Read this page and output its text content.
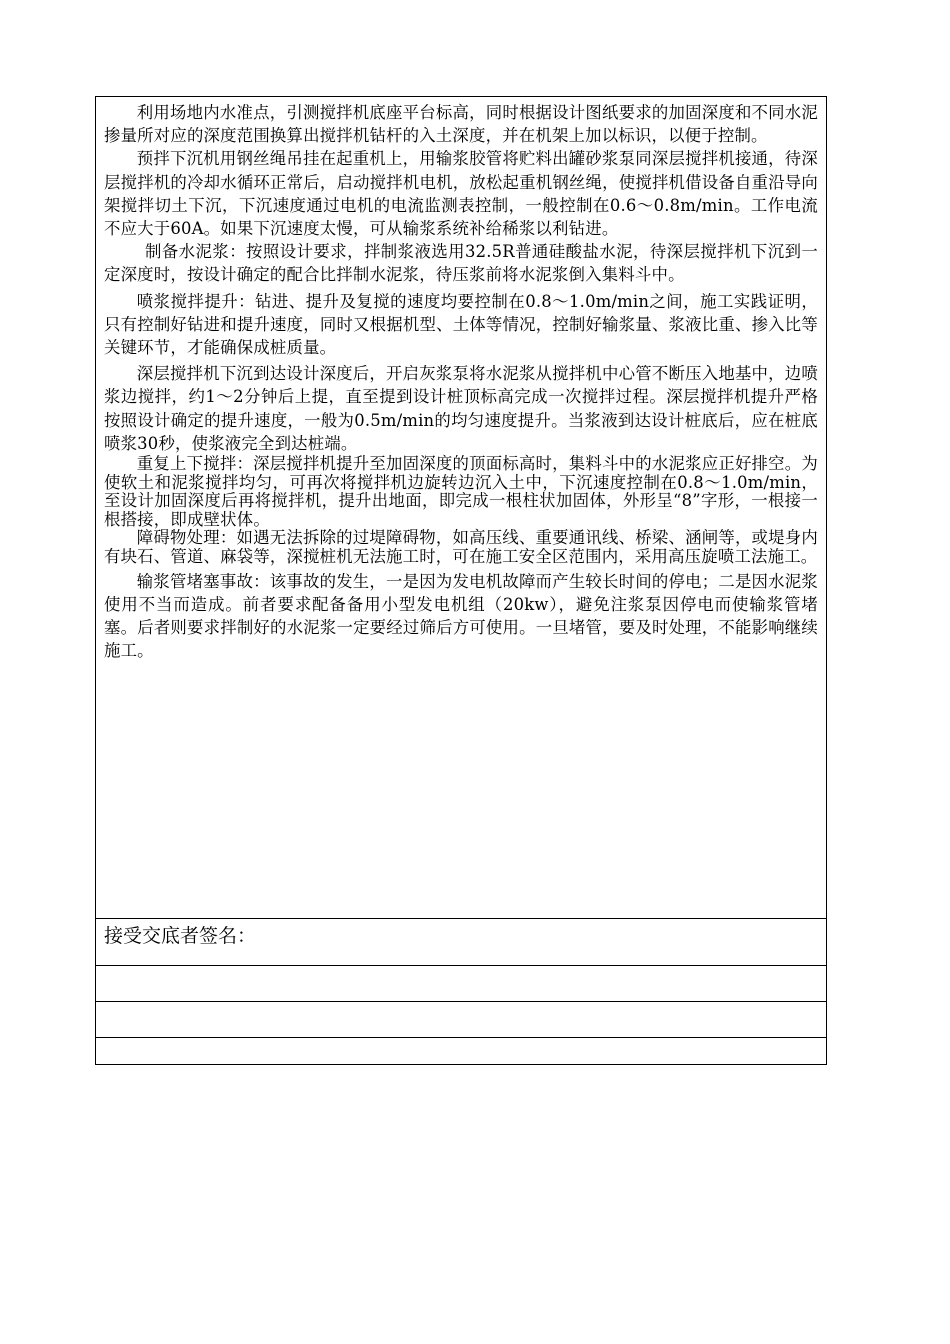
利用场地内水准点，引测搅拌机底座平台标高，同时根据设计图纸要求的加固深度和不同水泥掺量所对应的深度范围换算出搅拌机钻杆的入土深度，并在机架上加以标识，以便于控制。

预拌下沉机用钢丝绳吊挂在起重机上，用输浆胶管将贮料出罐砂浆泵同深层搅拌机接通，待深层搅拌机的冷却水循环正常后，启动搅拌机电机，放松起重机钢丝绳，使搅拌机借设备自重沿导向架搅拌切土下沉，下沉速度通过电机的电流监测表控制，一般控制在0.6～0.8m/min。工作电流不应大于60A。如果下沉速度太慢，可从输浆系统补给稀浆以利钻进。

制备水泥浆：按照设计要求，拌制浆液选用32.5R普通硅酸盐水泥，待深层搅拌机下沉到一定深度时，按设计确定的配合比拌制水泥浆，待压浆前将水泥浆倒入集料斗中。

喷浆搅拌提升：钻进、提升及复搅的速度均要控制在0.8～1.0m/min之间，施工实践证明，只有控制好钻进和提升速度，同时又根据机型、土体等情况，控制好输浆量、浆液比重、掺入比等关键环节，才能确保成桩质量。

深层搅拌机下沉到达设计深度后，开启灰浆泵将水泥浆从搅拌机中心管不断压入地基中，边喷浆边搅拌，约1～2分钟后上提，直至提到设计桩顶标高完成一次搅拌过程。深层搅拌机提升严格按照设计确定的提升速度，一般为0.5m/min的均匀速度提升。当浆液到达设计桩底后，应在桩底喷浆30秒，使浆液完全到达桩端。

重复上下搅拌：深层搅拌机提升至加固深度的顶面标高时，集料斗中的水泥浆应正好排空。为使软土和泥浆搅拌均匀，可再次将搅拌机边旋转边沉入土中，下沉速度控制在0.8～1.0m/min，至设计加固深度后再将搅拌机，提升出地面，即完成一根柱状加固体，外形呈“8”字形，一根接一根搭接，即成壁状体。

障碍物处理：如遇无法拆除的过堤障碍物，如高压线、重要通讯线、桥梁、涵闸等，或堤身内有块石、管道、麻袋等，深搅桩机无法施工时，可在施工安全区范围内，采用高压旋喷工法施工。

输浆管堵塞事故：该事故的发生，一是因为发电机故障而产生较长时间的停电；二是因水泥浆使用不当而造成。前者要求配备备用小型发电机组（20kw），避免注浆泵因停电而使输浆管堵塞。后者则要求拌制好的水泥浆一定要经过筛后方可使用。一旦堵管，要及时处理，不能影响继续施工。

接受交底者签名：
